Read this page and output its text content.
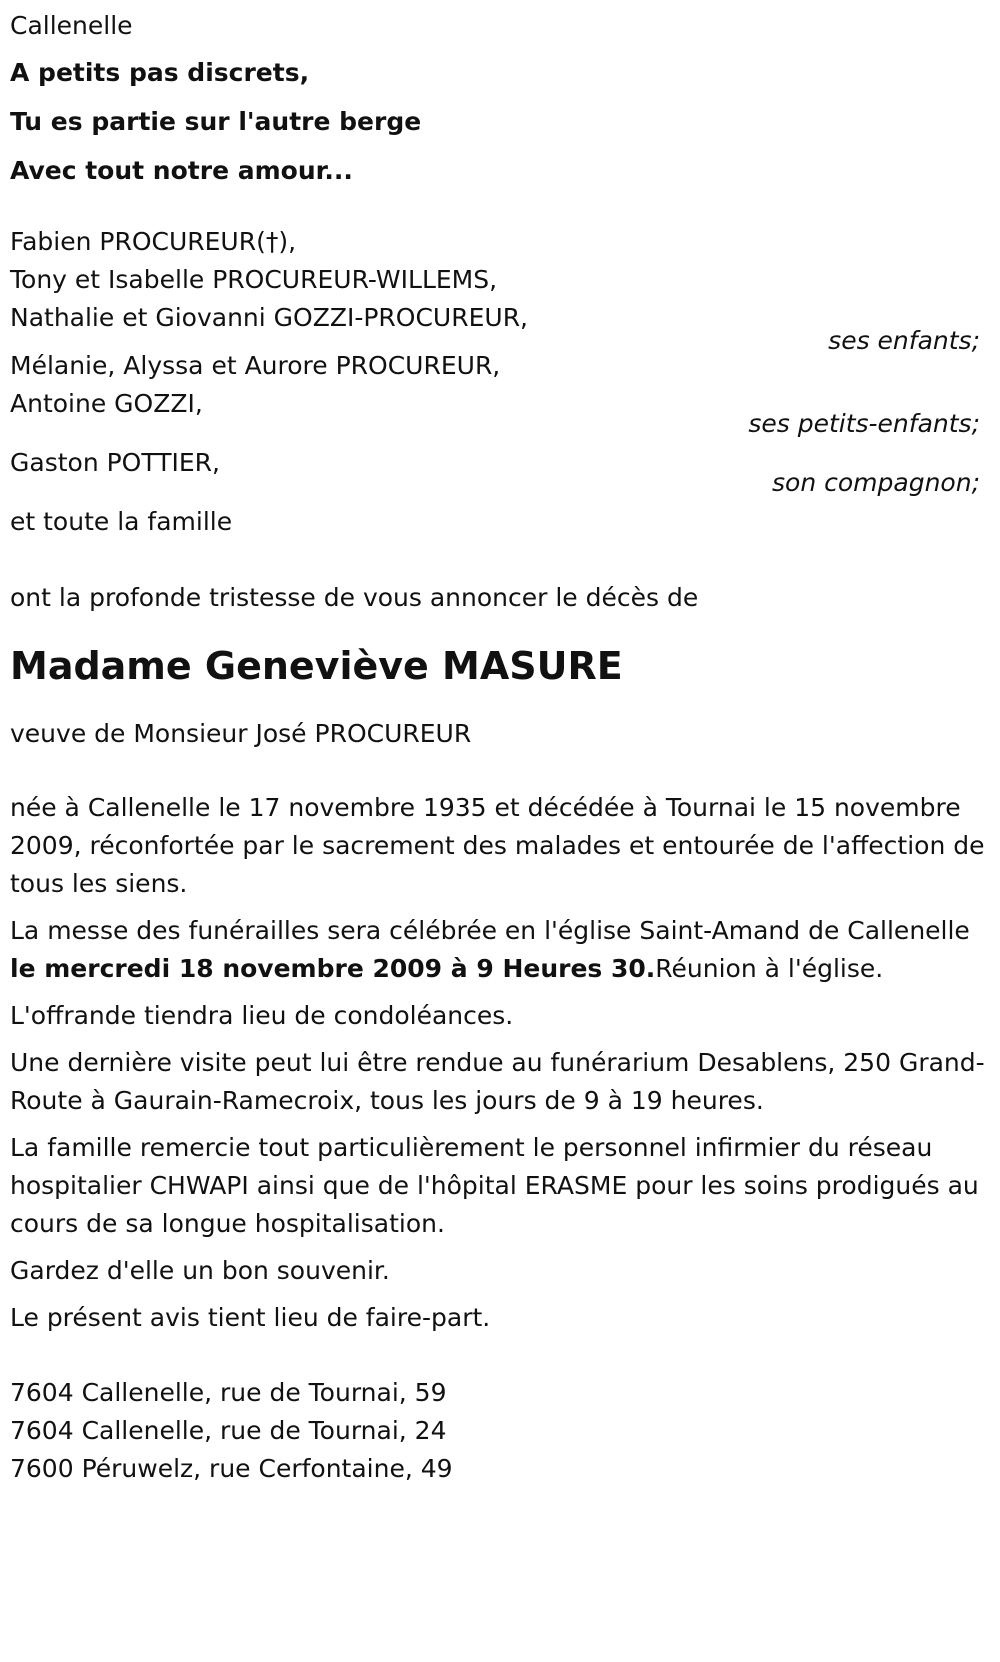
Callenelle
A petits pas discrets,
Tu es partie sur l'autre berge
Avec tout notre amour...
Fabien PROCUREUR(†),
Tony et Isabelle PROCUREUR-WILLEMS,
Nathalie et Giovanni GOZZI-PROCUREUR,
ses enfants;
Mélanie, Alyssa et Aurore PROCUREUR,
Antoine GOZZI,
ses petits-enfants;
Gaston POTTIER,
son compagnon;
et toute la famille
ont la profonde tristesse de vous annoncer le décès de
Madame Geneviève MASURE
veuve de Monsieur José PROCUREUR
née à Callenelle le 17 novembre 1935 et décédée à Tournai le 15 novembre 2009, réconfortée par le sacrement des malades et entourée de l'affection de tous les siens.
La messe des funérailles sera célébrée en l'église Saint-Amand de Callenelle le mercredi 18 novembre 2009 à 9 Heures 30.Réunion à l'église.
L'offrande tiendra lieu de condoléances.
Une dernière visite peut lui être rendue au funérarium Desablens, 250 Grand-Route à Gaurain-Ramecroix, tous les jours de 9 à 19 heures.
La famille remercie tout particulièrement le personnel infirmier du réseau hospitalier CHWAPI ainsi que de l'hôpital ERASME pour les soins prodigués au cours de sa longue hospitalisation.
Gardez d'elle un bon souvenir.
Le présent avis tient lieu de faire-part.
7604 Callenelle, rue de Tournai, 59
7604 Callenelle, rue de Tournai, 24
7600 Péruwelz, rue Cerfontaine, 49
